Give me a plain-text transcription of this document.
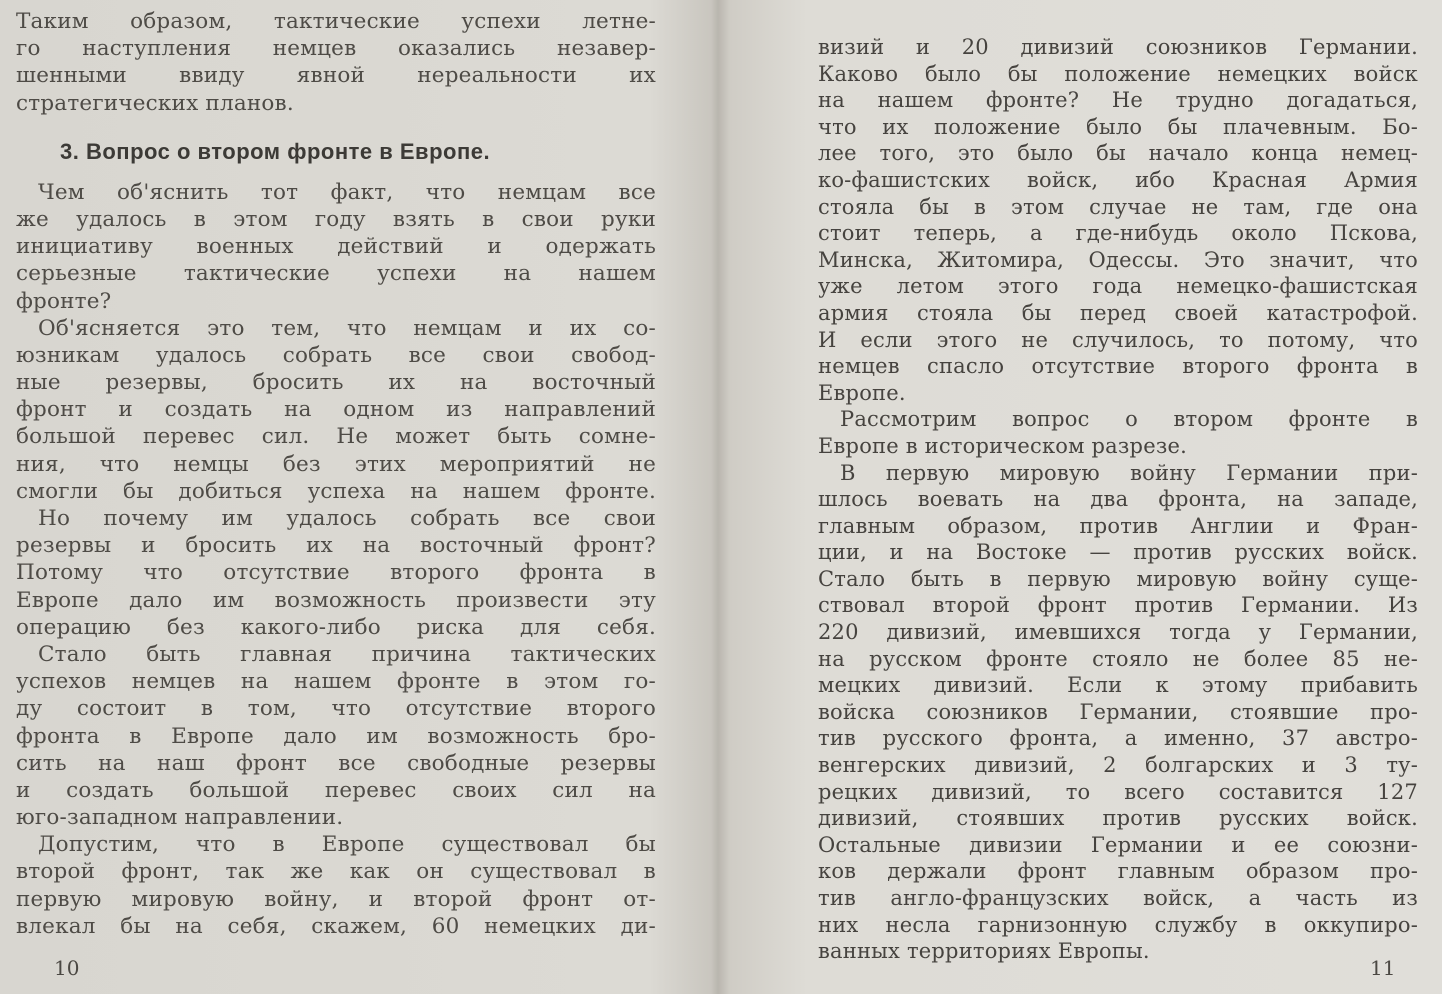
Таким образом, тактические успехи летне-
го наступления немцев оказались незавер-
шенными ввиду явной нереальности их
стратегических планов.
3. Вопрос о втором фронте в Европе.
Чем об'яснить тот факт, что немцам все
же удалось в этом году взять в свои руки
инициативу военных действий и одержать
серьезные тактические успехи на нашем
фронте?
Об'ясняется это тем, что немцам и их со-
юзникам удалось собрать все свои свобод-
ные резервы, бросить их на восточный
фронт и создать на одном из направлений
большой перевес сил. Не может быть сомне-
ния, что немцы без этих мероприятий не
смогли бы добиться успеха на нашем фронте.
Но почему им удалось собрать все свои
резервы и бросить их на восточный фронт?
Потому что отсутствие второго фронта в
Европе дало им возможность произвести эту
операцию без какого-либо риска для себя.
Стало быть главная причина тактических
успехов немцев на нашем фронте в этом го-
ду состоит в том, что отсутствие второго
фронта в Европе дало им возможность бро-
сить на наш фронт все свободные резервы
и создать большой перевес своих сил на
юго-западном направлении.
Допустим, что в Европе существовал бы
второй фронт, так же как он существовал в
первую мировую войну, и второй фронт от-
влекал бы на себя, скажем, 60 немецких ди-
10
визий и 20 дивизий союзников Германии.
Каково было бы положение немецких войск
на нашем фронте? Не трудно догадаться,
что их положение было бы плачевным. Бо-
лее того, это было бы начало конца немец-
ко-фашистских войск, ибо Красная Армия
стояла бы в этом случае не там, где она
стоит теперь, а где-нибудь около Пскова,
Минска, Житомира, Одессы. Это значит, что
уже летом этого года немецко-фашистская
армия стояла бы перед своей катастрофой.
И если этого не случилось, то потому, что
немцев спасло отсутствие второго фронта в
Европе.
Рассмотрим вопрос о втором фронте в
Европе в историческом разрезе.
В первую мировую войну Германии при-
шлось воевать на два фронта, на западе,
главным образом, против Англии и Фран-
ции, и на Востоке — против русских войск.
Стало быть в первую мировую войну суще-
ствовал второй фронт против Германии. Из
220 дивизий, имевшихся тогда у Германии,
на русском фронте стояло не более 85 не-
мецких дивизий. Если к этому прибавить
войска союзников Германии, стоявшие про-
тив русского фронта, а именно, 37 австро-
венгерских дивизий, 2 болгарских и 3 ту-
рецких дивизий, то всего составится 127
дивизий, стоявших против русских войск.
Остальные дивизии Германии и ее союзни-
ков держали фронт главным образом про-
тив англо-французских войск, а часть из
них несла гарнизонную службу в оккупиро-
ванных территориях Европы.
11
